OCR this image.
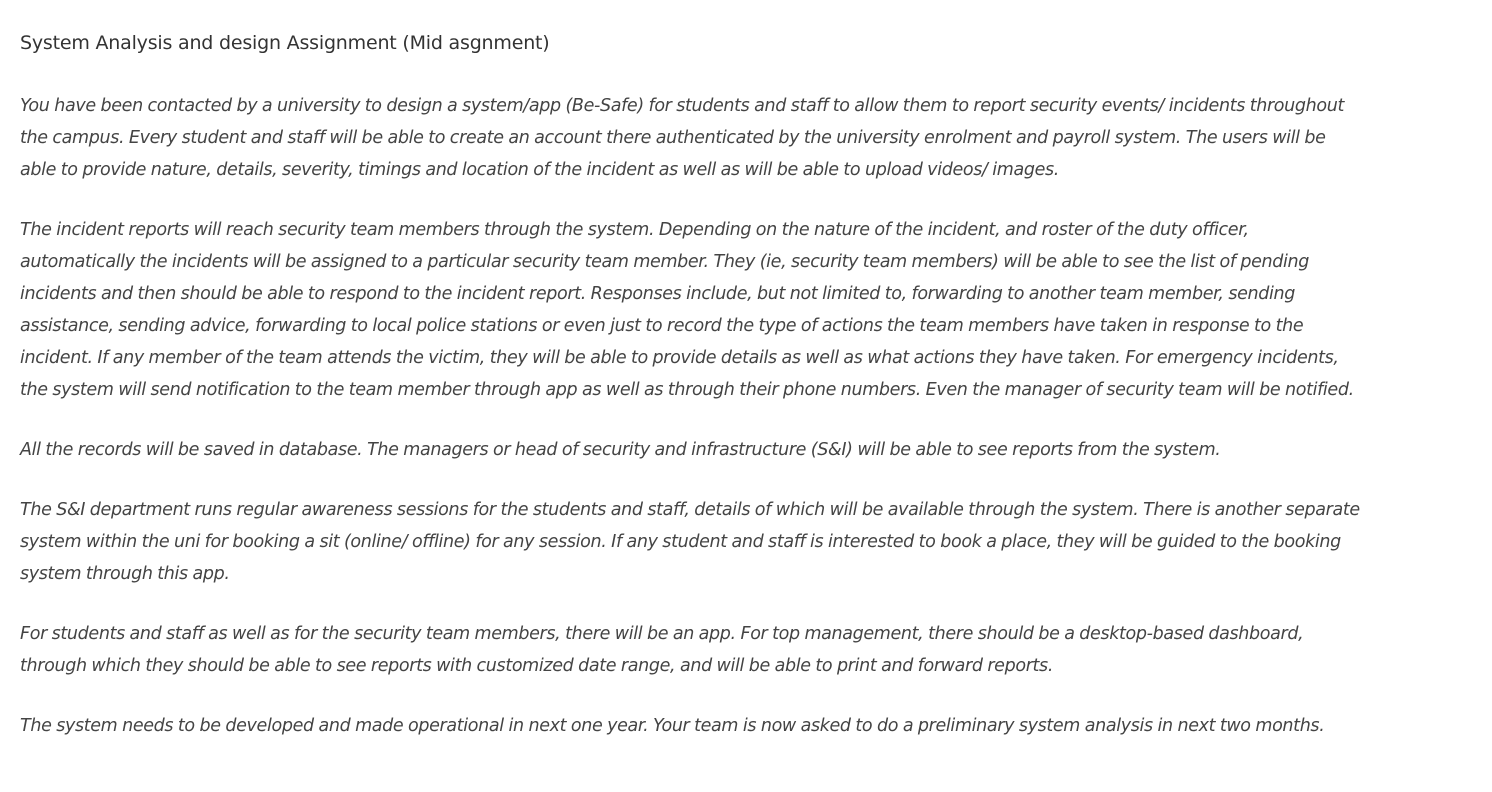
System Analysis and design Assignment (Mid asgnment)

You have been contacted by a university to design a system/app (Be-Safe) for students and staff to allow them to report security events/ incidents throughout the campus. Every student and staff will be able to create an account there authenticated by the university enrolment and payroll system. The users will be able to provide nature, details, severity, timings and location of the incident as well as will be able to upload videos/ images.

The incident reports will reach security team members through the system. Depending on the nature of the incident, and roster of the duty officer, automatically the incidents will be assigned to a particular security team member. They (ie, security team members) will be able to see the list of pending incidents and then should be able to respond to the incident report. Responses include, but not limited to, forwarding to another team member, sending assistance, sending advice, forwarding to local police stations or even just to record the type of actions the team members have taken in response to the incident. If any member of the team attends the victim, they will be able to provide details as well as what actions they have taken. For emergency incidents, the system will send notification to the team member through app as well as through their phone numbers. Even the manager of security team will be notified.

All the records will be saved in database. The managers or head of security and infrastructure (S&I) will be able to see reports from the system.

The S&I department runs regular awareness sessions for the students and staff, details of which will be available through the system. There is another separate system within the uni for booking a sit (online/ offline) for any session. If any student and staff is interested to book a place, they will be guided to the booking system through this app.

For students and staff as well as for the security team members, there will be an app. For top management, there should be a desktop-based dashboard, through which they should be able to see reports with customized date range, and will be able to print and forward reports.

The system needs to be developed and made operational in next one year. Your team is now asked to do a preliminary system analysis in next two months.
